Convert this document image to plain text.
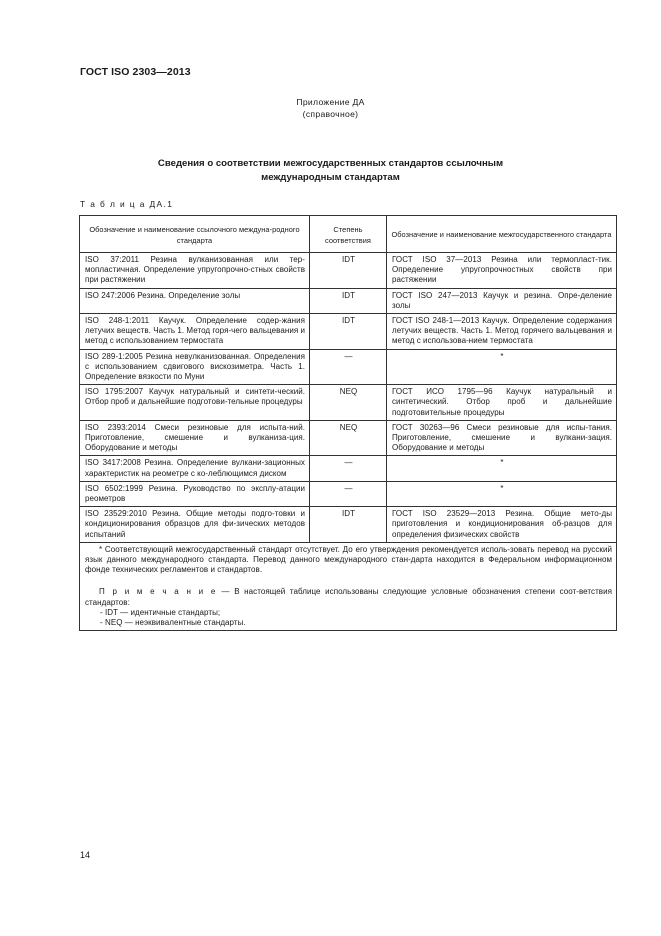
ГОСТ ISO 2303—2013
Приложение ДА
(справочное)
Сведения о соответствии межгосударственных стандартов ссылочным
международным стандартам
Т а б л и ц а ДА.1
Обозначение и наименование ссылочного междуна-родного стандарта	Степень соответствия	Обозначение и наименование межгосударственного стандарта
ISO 37:2011 Резина вулканизованная или тер-мопластичная. Определение упругопрочно-стных свойств при растяжении	IDT	ГОСТ ISO 37—2013 Резина или термопласт-тик. Определение упругопрочностных свойств при растяжении
ISO 247:2006 Резина. Определение золы	IDT	ГОСТ ISO 247—2013 Каучук и резина. Опре-деление золы
ISO 248-1:2011 Каучук. Определение содер-жания летучих веществ. Часть 1. Метод горя-чего вальцевания и метод с использованием термостата	IDT	ГОСТ ISO 248-1—2013 Каучук. Определение содержания летучих веществ. Часть 1. Метод горячего вальцевания и метод с использова-нием термостата
ISO 289-1:2005 Резина невулканизованная. Определения с использованием сдвигового вискозиметра. Часть 1. Определение вязкости по Муни	—	*
ISO 1795:2007 Каучук натуральный и синтети-ческий. Отбор проб и дальнейшие подготови-тельные процедуры	NEQ	ГОСТ ИСО 1795—96 Каучук натуральный и синтетический. Отбор проб и дальнейшие подготовительные процедуры
ISO 2393:2014 Смеси резиновые для испыта-ний. Приготовление, смешение и вулканиза-ция. Оборудование и методы	NEQ	ГОСТ 30263—96 Смеси резиновые для испы-тания. Приготовление, смешение и вулкани-зация. Оборудование и методы
ISO 3417:2008 Резина. Определение вулкани-зационных характеристик на реометре с ко-леблющимся диском	—	*
ISO 6502:1999 Резина. Руководство по эксплу-атации реометров	—	*
ISO 23529:2010 Резина. Общие методы подго-товки и кондиционирования образцов для фи-зических методов испытаний	IDT	ГОСТ ISO 23529—2013 Резина. Общие мето-ды приготовления и кондиционирования об-разцов для определения физических свойств

* Соответствующий межгосударственный стандарт отсутствует. До его утверждения рекомендуется исполь-зовать перевод на русский язык данного международного стандарта. Перевод данного международного стан-дарта находится в Федеральном информационном фонде технических регламентов и стандартов.

П р и м е ч а н и е — В настоящей таблице использованы следующие условные обозначения степени соот-ветствия стандартов:

- IDT — идентичные стандарты;

- NEQ — неэквивалентные стандарты.		

14
